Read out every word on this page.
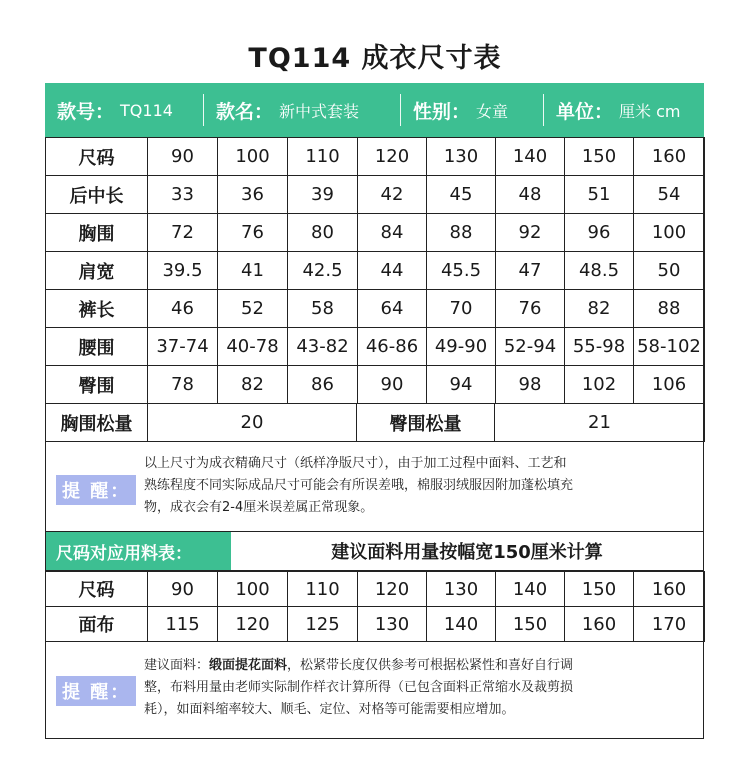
TQ114 成衣尺寸表
款号： TQ114 款名： 新中式套装	性别： 女童	单位： 厘米 cm
尺码	90	100	110	120	130	140	150	160
后中长	33	36	39	42	45	48	51	54
胸围	72	76	80	84	88	92	96	100
肩宽	39.5	41	42.5	44	45.5	47	48.5	50
裤长	46	52	58	64	70	76	82	88
腰围	37-74	40-78	43-82	46-86	49-90	52-94	55-98	58-102
臀围	78	82	86	90	94	98	102	106
胸围松量	20	臀围松量	21
提 醒：
以上尺寸为成衣精确尺寸（纸样净版尺寸），由于加工过程中面料、工艺和
熟练程度不同实际成品尺寸可能会有所误差哦，棉服羽绒服因附加蓬松填充
物，成衣会有2-4厘米误差属正常现象。
尺码对应用料表：	建议面料用量按幅宽150厘米计算
尺码	90	100	110	120	130	140	150	160
面布	115	120	125	130	140	150	160	170
提 醒：
建议面料：缎面提花面料，松紧带长度仅供参考可根据松紧性和喜好自行调
整，布料用量由老师实际制作样衣计算所得（已包含面料正常缩水及裁剪损
耗），如面料缩率较大、顺毛、定位、对格等可能需要相应增加。
